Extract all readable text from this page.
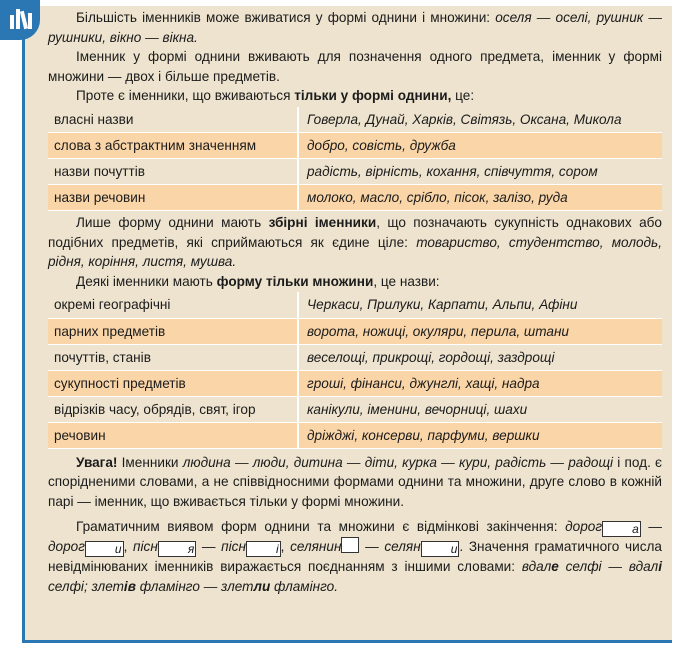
Більшість іменників може вживатися у формі однини і множини: оселя — оселі, рушник — рушники, вікно — вікна.

Іменник у формі однини вживають для позначення одного предмета, іменник у формі множини — двох і більше предметів.

Проте є іменники, що вживаються тільки у формі однини, це:

власні назви	Говерла, Дунай, Харків, Світязь, Оксана, Микола
слова з абстрактним значенням	добро, совість, дружба
назви почуттів	радість, вірність, кохання, співчуття, сором
назви речовин	молоко, масло, срібло, пісок, залізо, руда

Лише форму однини мають збірні іменники, що позначають сукупність однакових або подібних предметів, які сприймаються як єдине ціле: товариство, студентство, молодь, рідня, коріння, листя, мушва.

Деякі іменники мають форму тільки множини, це назви:

окремі географічні	Черкаси, Прилуки, Карпати, Альпи, Афіни
парних предметів	ворота, ножиці, окуляри, перила, штани
почуттів, станів	веселощі, прикрощі, гордощі, заздрощі
сукупності предметів	гроші, фінанси, джунглі, хащі, надра
відрізків часу, обрядів, свят, ігор	канікули, іменини, вечорниці, шахи
речовин	дріжджі, консерви, парфуми, вершки

Увага! Іменники людина — люди, дитина — діти, курка — кури, радість — радощі і под. є спорідненими словами, а не співвідносними формами однини та множини, друге слово в кожній парі — іменник, що вживається тільки у формі множини.

Граматичним виявом форм однини та множини є відмінкові закінчення: дорог	а — дорог	и , пісн	я — пісн	і , селянин — селян	и . Значення граматичного числа невідмінюваних іменників виражається поєднанням з іншими словами: вдале селфі — вдалі селфі; злетів фламінго — злетли фламінго.
